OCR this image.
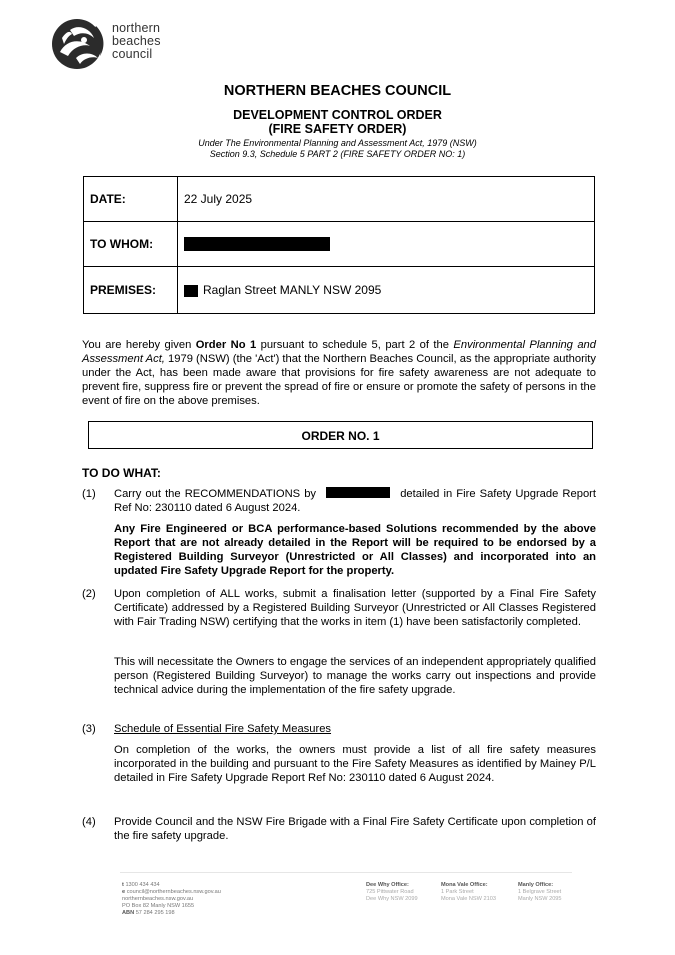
northern
beaches
council
NORTHERN BEACHES COUNCIL
DEVELOPMENT CONTROL ORDER
(FIRE SAFETY ORDER)
Under The Environmental Planning and Assessment Act, 1979 (NSW)
Section 9.3, Schedule 5 PART 2 (FIRE SAFETY ORDER NO: 1)
DATE:	22 July 2025
TO WHOM:	
PREMISES:	Raglan Street MANLY NSW 2095
You are hereby given Order No 1 pursuant to schedule 5, part 2 of the Environmental Planning and Assessment Act, 1979 (NSW) (the 'Act') that the Northern Beaches Council, as the appropriate authority under the Act, has been made aware that provisions for fire safety awareness are not adequate to prevent fire, suppress fire or prevent the spread of fire or ensure or promote the safety of persons in the event of fire on the above premises.
ORDER NO. 1
TO DO WHAT:
(1) Carry out the RECOMMENDATIONS by	detailed in Fire Safety Upgrade Report Ref No: 230110 dated 6 August 2024.
Any Fire Engineered or BCA performance-based Solutions recommended by the above Report that are not already detailed in the Report will be required to be endorsed by a Registered Building Surveyor (Unrestricted or All Classes) and incorporated into an updated Fire Safety Upgrade Report for the property.
(2) Upon completion of ALL works, submit a finalisation letter (supported by a Final Fire Safety Certificate) addressed by a Registered Building Surveyor (Unrestricted or All Classes Registered with Fair Trading NSW) certifying that the works in item (1) have been satisfactorily completed.
This will necessitate the Owners to engage the services of an independent appropriately qualified person (Registered Building Surveyor) to manage the works carry out inspections and provide technical advice during the implementation of the fire safety upgrade.
(3) Schedule of Essential Fire Safety Measures
On completion of the works, the owners must provide a list of all fire safety measures incorporated in the building and pursuant to the Fire Safety Measures as identified by Mainey P/L detailed in Fire Safety Upgrade Report Ref No: 230110 dated 6 August 2024.
(4) Provide Council and the NSW Fire Brigade with a Final Fire Safety Certificate upon completion of the fire safety upgrade.
t 1300 434 434
e council@northernbeaches.nsw.gov.au
northernbeaches.nsw.gov.au
PO Box 82 Manly NSW 1655
ABN 57 284 295 198
Dee Why Office:
725 Pittwater Road
Dee Why NSW 2099
Mona Vale Office:
1 Park Street
Mona Vale NSW 2103
Manly Office:
1 Belgrave Street
Manly NSW 2095
